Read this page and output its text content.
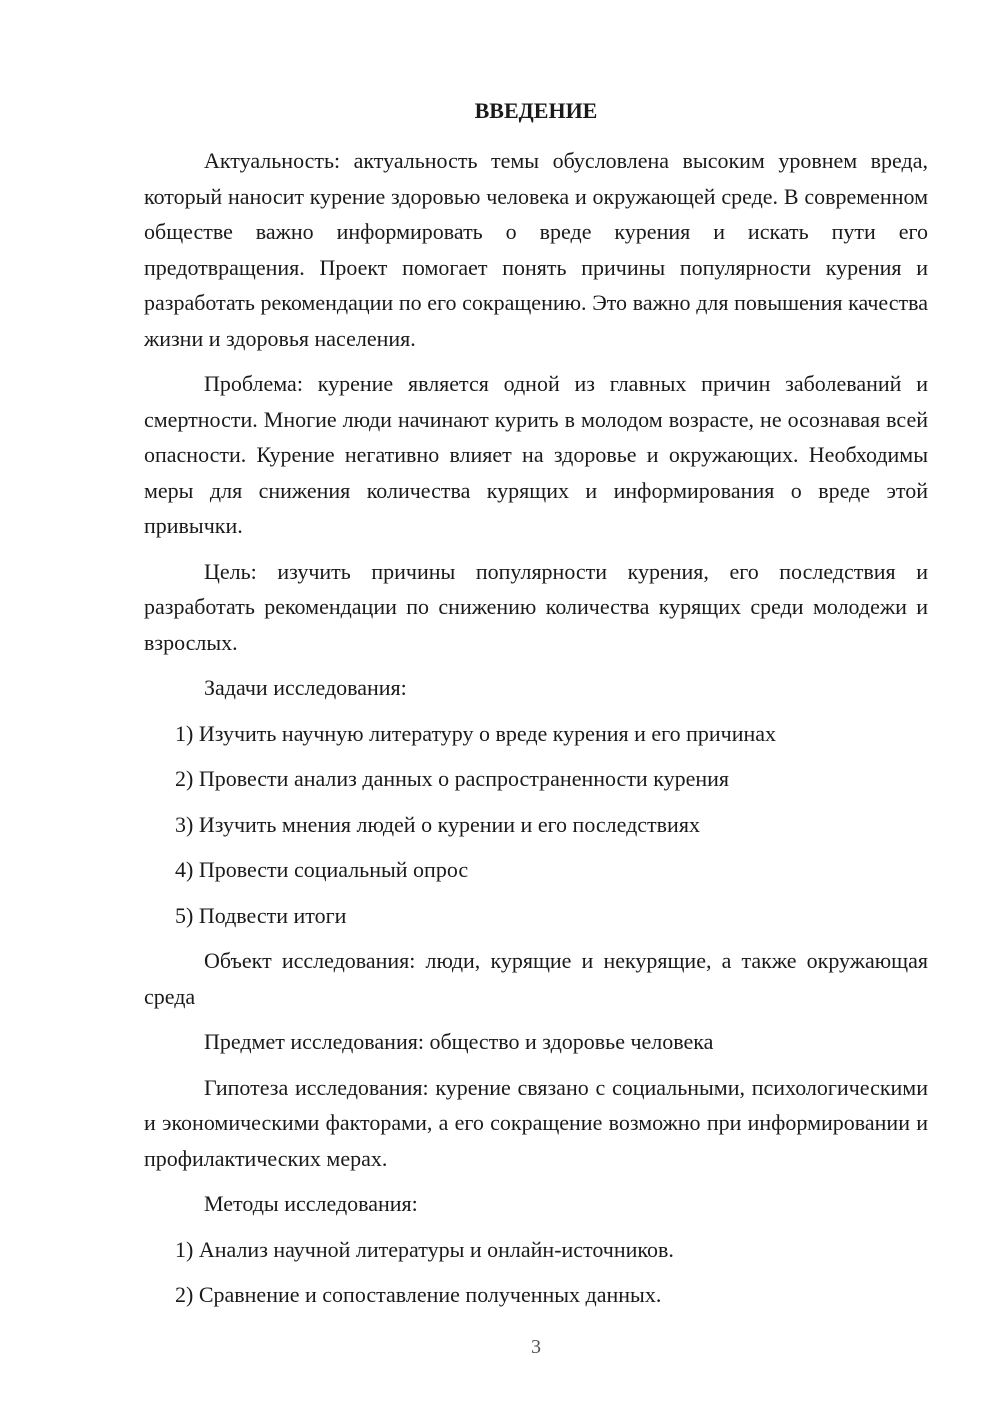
ВВЕДЕНИЕ

Актуальность: актуальность темы обусловлена высоким уровнем вреда, который наносит курение здоровью человека и окружающей среде. В современном обществе важно информировать о вреде курения и искать пути его предотвращения. Проект помогает понять причины популярности курения и разработать рекомендации по его сокращению. Это важно для повышения качества жизни и здоровья населения.

Проблема: курение является одной из главных причин заболеваний и смертности. Многие люди начинают курить в молодом возрасте, не осознавая всей опасности. Курение негативно влияет на здоровье и окружающих. Необходимы меры для снижения количества курящих и информирования о вреде этой привычки.

Цель: изучить причины популярности курения, его последствия и разработать рекомендации по снижению количества курящих среди молодежи и взрослых.

Задачи исследования:

1) Изучить научную литературу о вреде курения и его причинах

2) Провести анализ данных о распространенности курения

3) Изучить мнения людей о курении и его последствиях

4) Провести социальный опрос

5) Подвести итоги

Объект исследования: люди, курящие и некурящие, а также окружающая среда

Предмет исследования: общество и здоровье человека

Гипотеза исследования: курение связано с социальными, психологическими и экономическими факторами, а его сокращение возможно при информировании и профилактических мерах.

Методы исследования:

1) Анализ научной литературы и онлайн-источников.

2) Сравнение и сопоставление полученных данных.

3
